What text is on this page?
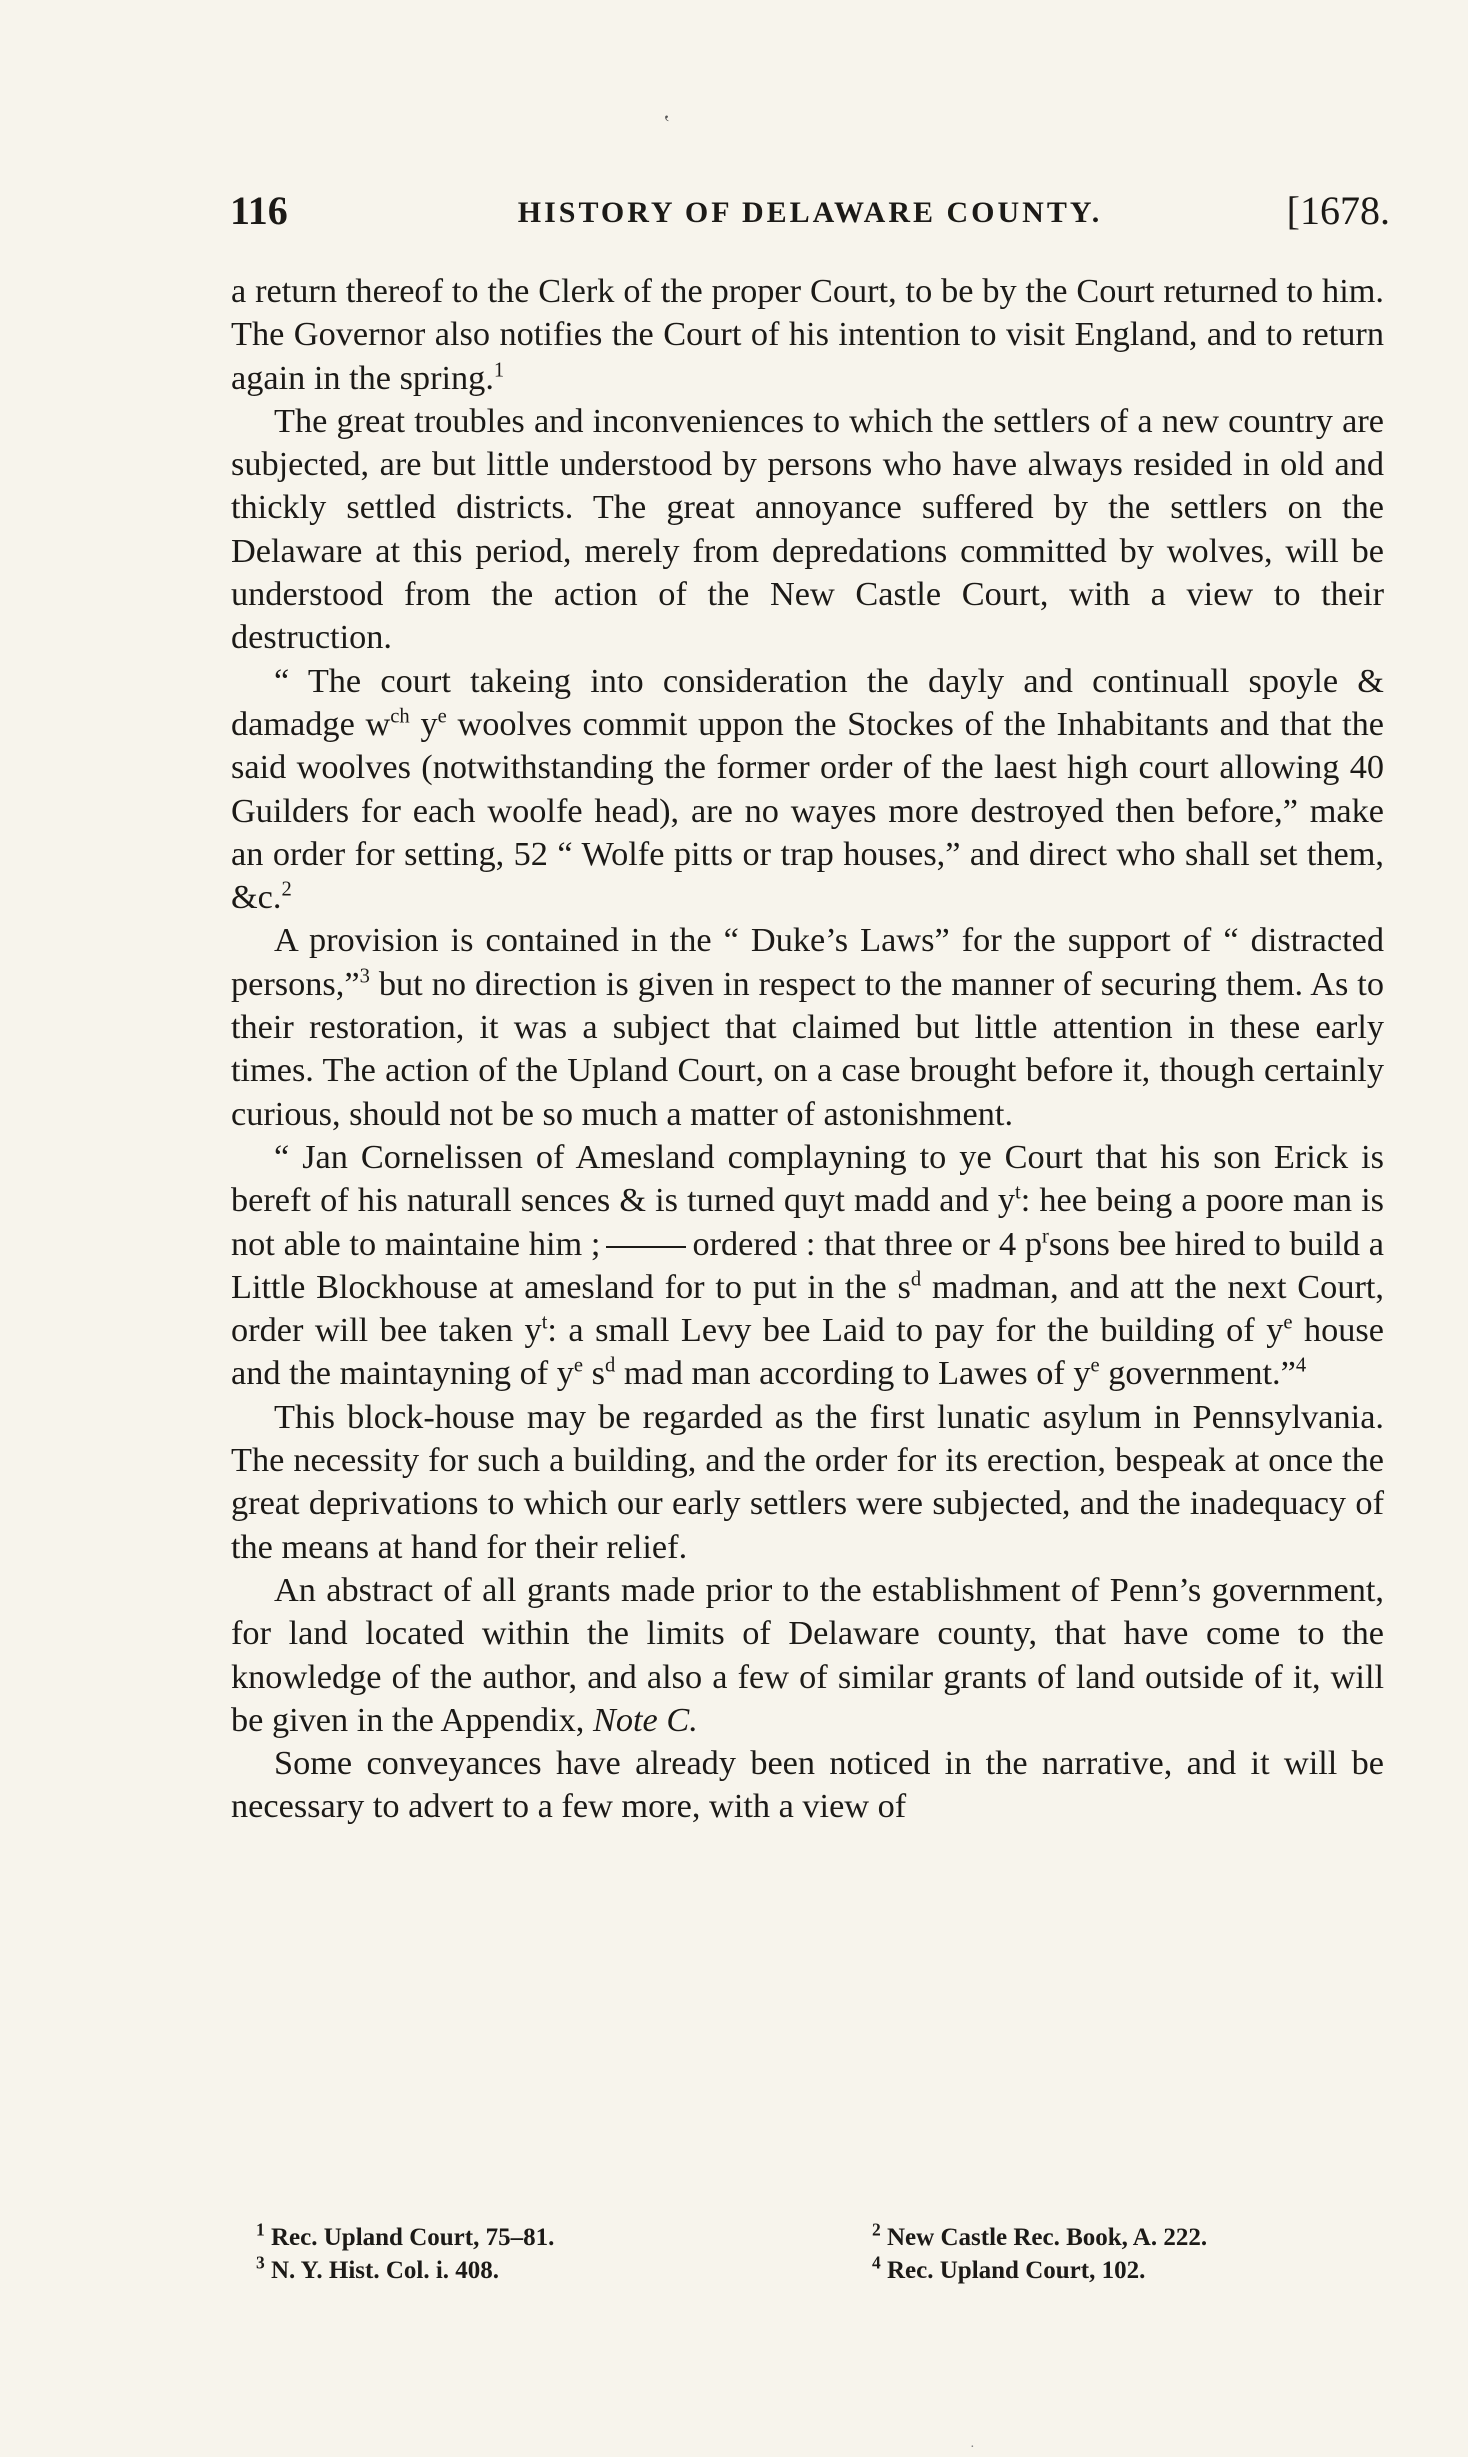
‛
116	HISTORY OF DELAWARE COUNTY.	[1678.

a return thereof to the Clerk of the proper Court, to be by the Court returned to him. The Governor also notifies the Court of his intention to visit England, and to return again in the spring.$^1$

The great troubles and inconveniences to which the settlers of a new country are subjected, are but little understood by persons who have always resided in old and thickly settled districts. The great annoyance suffered by the settlers on the Delaware at this period, merely from depredations committed by wolves, will be understood from the action of the New Castle Court, with a view to their destruction.

“ The court takeing into consideration the dayly and continuall spoyle & damadge $w^{ch}$ $y^e$ woolves commit uppon the Stockes of the Inhabitants and that the said woolves (notwithstanding the former order of the laest high court allowing 40 Guilders for each woolfe head), are no wayes more destroyed then before,” make an order for setting, 52 “ Wolfe pitts or trap houses,” and direct who shall set them, &c.$^2$

A provision is contained in the “ Duke’s Laws” for the support of “ distracted persons,”$^3$ but no direction is given in respect to the manner of securing them. As to their restoration, it was a subject that claimed but little attention in these early times. The action of the Upland Court, on a case brought before it, though certainly curious, should not be so much a matter of astonishment.

“ Jan Cornelissen of Amesland complayning to ye Court that his son Erick is bereft of his naturall sences & is turned quyt madd and $y^t$: hee being a poore man is not able to maintaine him ;	ordered : that three or 4 $p^rsons$ bee hired to build a Little Blockhouse at amesland for to put in the $s^d$ madman, and att the next Court, order will bee taken $y^t$: a small Levy bee Laid to pay for the building of $y^e$ house and the maintayning of $y^e$ $s^d$ mad man according to Lawes of $y^e$ government.”$^4$

This block-house may be regarded as the first lunatic asylum in Pennsylvania. The necessity for such a building, and the order for its erection, bespeak at once the great deprivations to which our early settlers were subjected, and the inadequacy of the means at hand for their relief.

An abstract of all grants made prior to the establishment of Penn’s government, for land located within the limits of Delaware county, that have come to the knowledge of the author, and also a few of similar grants of land outside of it, will be given in the Appendix, Note C.

Some conveyances have already been noticed in the narrative, and it will be necessary to advert to a few more, with a view of

$^1$ Rec. Upland Court, 75–81.	$^2$ New Castle Rec. Book, A. 222.
$^3$ N. Y. Hist. Col. i. 408.	$^4$ Rec. Upland Court, 102.
·
